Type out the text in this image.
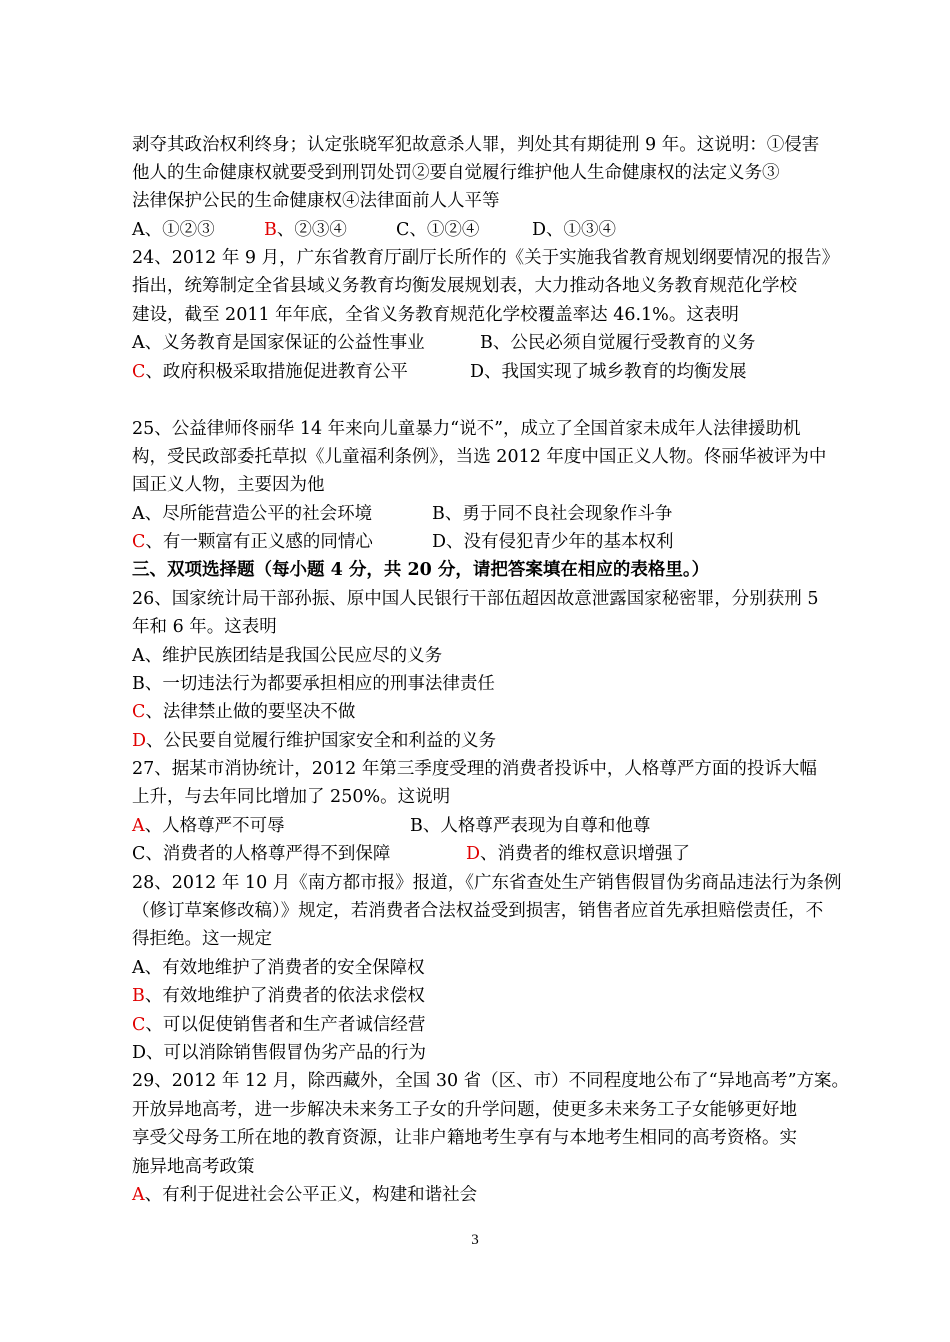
剥夺其政治权利终身；认定张晓军犯故意杀人罪，判处其有期徒刑 9 年。这说明：①侵害
他人的生命健康权就要受到刑罚处罚②要自觉履行维护他人生命健康权的法定义务③
法律保护公民的生命健康权④法律面前人人平等
A、①②③	B、②③④	C、①②④	D、①③④
24、2012 年 9 月，广东省教育厅副厅长所作的《关于实施我省教育规划纲要情况的报告》
指出，统筹制定全省县域义务教育均衡发展规划表，大力推动各地义务教育规范化学校
建设，截至 2011 年年底，全省义务教育规范化学校覆盖率达 46.1%。这表明
A、义务教育是国家保证的公益性事业	B、公民必须自觉履行受教育的义务
C、政府积极采取措施促进教育公平	D、我国实现了城乡教育的均衡发展
25、公益律师佟丽华 14 年来向儿童暴力“说不”，成立了全国首家未成年人法律援助机
构，受民政部委托草拟《儿童福利条例》，当选 2012 年度中国正义人物。佟丽华被评为中
国正义人物，主要因为他
A、尽所能营造公平的社会环境	B、勇于同不良社会现象作斗争
C、有一颗富有正义感的同情心	D、没有侵犯青少年的基本权利
三、双项选择题（每小题 4 分，共 20 分，请把答案填在相应的表格里。）
26、国家统计局干部孙振、原中国人民银行干部伍超因故意泄露国家秘密罪，分别获刑 5
年和 6 年。这表明
A、维护民族团结是我国公民应尽的义务
B、一切违法行为都要承担相应的刑事法律责任
C、法律禁止做的要坚决不做
D、公民要自觉履行维护国家安全和利益的义务
27、据某市消协统计，2012 年第三季度受理的消费者投诉中，人格尊严方面的投诉大幅
上升，与去年同比增加了 250%。这说明
A、人格尊严不可辱	B、人格尊严表现为自尊和他尊
C、消费者的人格尊严得不到保障	D、消费者的维权意识增强了
28、2012 年 10 月《南方都市报》报道，《广东省查处生产销售假冒伪劣商品违法行为条例
（修订草案修改稿）》规定，若消费者合法权益受到损害，销售者应首先承担赔偿责任，不
得拒绝。这一规定
A、有效地维护了消费者的安全保障权
B、有效地维护了消费者的依法求偿权
C、可以促使销售者和生产者诚信经营
D、可以消除销售假冒伪劣产品的行为
29、2012 年 12 月，除西藏外，全国 30 省（区、市）不同程度地公布了“异地高考”方案。
开放异地高考，进一步解决未来务工子女的升学问题，使更多未来务工子女能够更好地
享受父母务工所在地的教育资源，让非户籍地考生享有与本地考生相同的高考资格。实
施异地高考政策
A、有利于促进社会公平正义，构建和谐社会
3
